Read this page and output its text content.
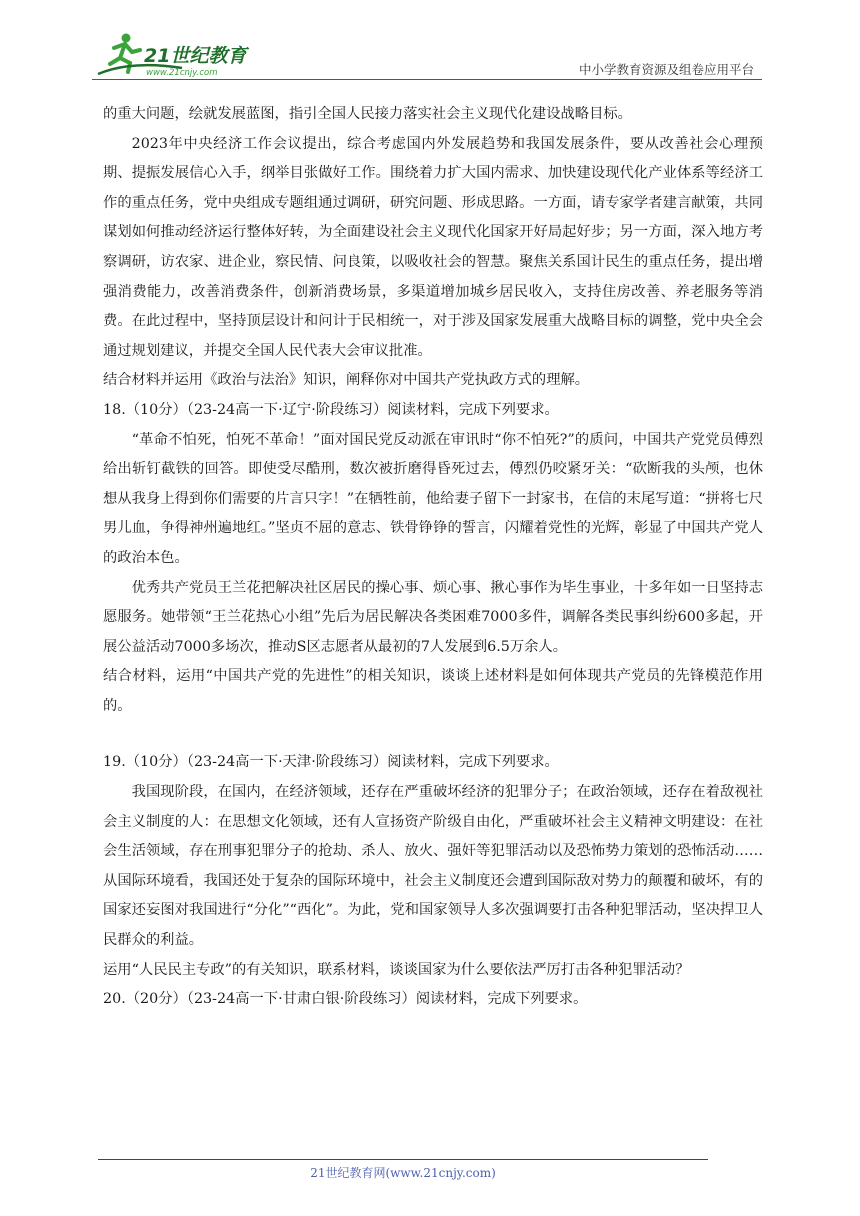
21世纪教育
www.21cnjy.com	中小学教育资源及组卷应用平台

的重大问题，绘就发展蓝图，指引全国人民接力落实社会主义现代化建设战略目标。

2023年中央经济工作会议提出，综合考虑国内外发展趋势和我国发展条件，要从改善社会心理预期、提振发展信心入手，纲举目张做好工作。围绕着力扩大国内需求、加快建设现代化产业体系等经济工作的重点任务，党中央组成专题组通过调研，研究问题、形成思路。一方面，请专家学者建言献策，共同谋划如何推动经济运行整体好转，为全面建设社会主义现代化国家开好局起好步；另一方面，深入地方考察调研，访农家、进企业，察民情、问良策，以吸收社会的智慧。聚焦关系国计民生的重点任务，提出增强消费能力，改善消费条件，创新消费场景，多渠道增加城乡居民收入，支持住房改善、养老服务等消费。在此过程中，坚持顶层设计和问计于民相统一，对于涉及国家发展重大战略目标的调整，党中央全会通过规划建议，并提交全国人民代表大会审议批准。

结合材料并运用《政治与法治》知识，阐释你对中国共产党执政方式的理解。

18.（10分）（23-24高一下·辽宁·阶段练习）阅读材料，完成下列要求。

“革命不怕死，怕死不革命！”面对国民党反动派在审讯时“你不怕死?”的质问，中国共产党党员傅烈给出斩钉截铁的回答。即使受尽酷刑，数次被折磨得昏死过去，傅烈仍咬紧牙关：“砍断我的头颅，也休想从我身上得到你们需要的片言只字！”在牺牲前，他给妻子留下一封家书，在信的末尾写道：“拼将七尺男儿血，争得神州遍地红。”坚贞不屈的意志、铁骨铮铮的誓言，闪耀着党性的光辉，彰显了中国共产党人的政治本色。

优秀共产党员王兰花把解决社区居民的操心事、烦心事、揪心事作为毕生事业，十多年如一日坚持志愿服务。她带领“王兰花热心小组”先后为居民解决各类困难7000多件，调解各类民事纠纷600多起，开展公益活动7000多场次，推动S区志愿者从最初的7人发展到6.5万余人。

结合材料，运用“中国共产党的先进性”的相关知识，谈谈上述材料是如何体现共产党员的先锋模范作用的。

19.（10分）（23-24高一下·天津·阶段练习）阅读材料，完成下列要求。

我国现阶段，在国内，在经济领域，还存在严重破坏经济的犯罪分子；在政治领域，还存在着敌视社会主义制度的人：在思想文化领域，还有人宣扬资产阶级自由化，严重破坏社会主义精神文明建设：在社会生活领域，存在刑事犯罪分子的抢劫、杀人、放火、强奸等犯罪活动以及恐怖势力策划的恐怖活动……从国际环境看，我国还处于复杂的国际环境中，社会主义制度还会遭到国际敌对势力的颠覆和破坏，有的国家还妄图对我国进行“分化”“西化”。为此，党和国家领导人多次强调要打击各种犯罪活动，坚决捍卫人民群众的利益。

运用“人民民主专政”的有关知识，联系材料，谈谈国家为什么要依法严厉打击各种犯罪活动？

20.（20分）（23-24高一下·甘肃白银·阶段练习）阅读材料，完成下列要求。

21世纪教育网(www.21cnjy.com)
